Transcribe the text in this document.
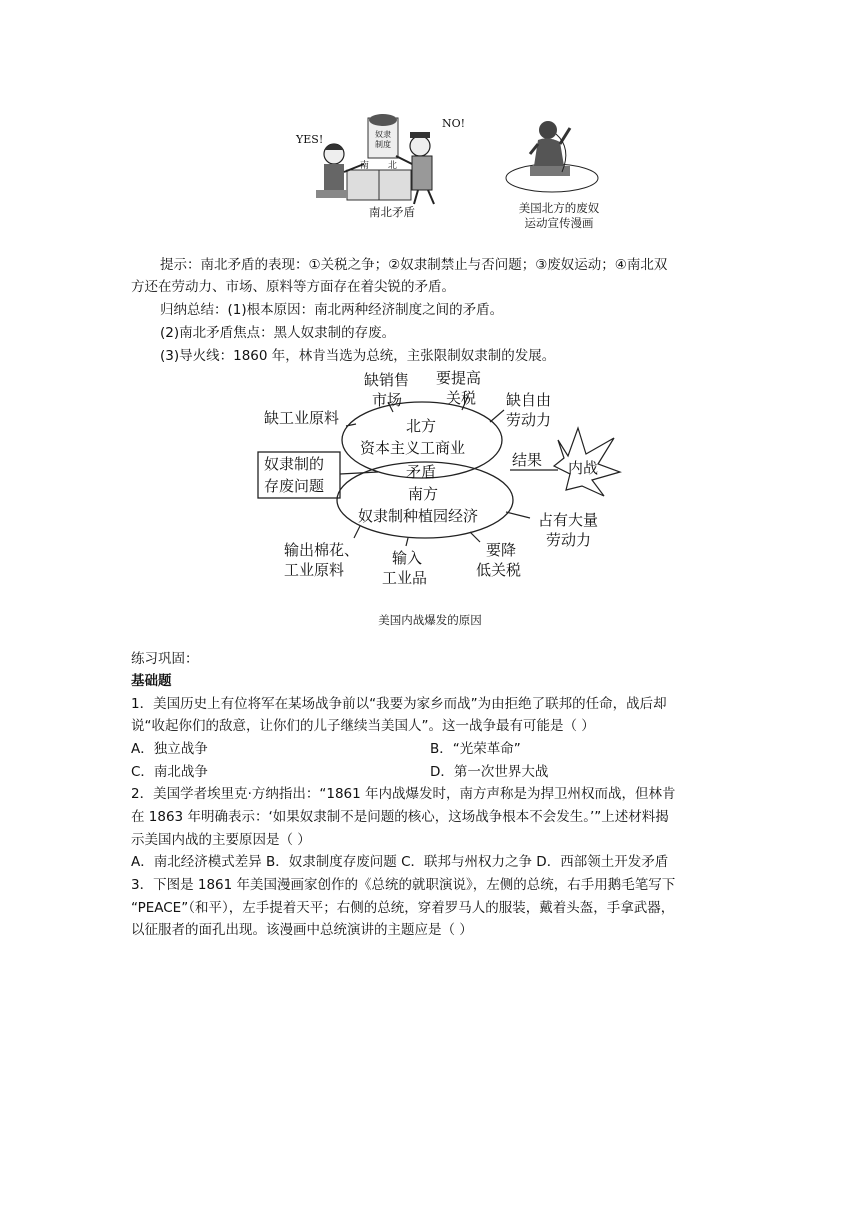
YES!
NO!
奴隶
制度
南 北
南北矛盾	美国北方的废奴
运动宣传漫画
提示：南北矛盾的表现：①关税之争；②奴隶制禁止与否问题；③废奴运动；④南北双
方还在劳动力、市场、原料等方面存在着尖锐的矛盾。
归纳总结：(1)根本原因：南北两种经济制度之间的矛盾。
(2)南北矛盾焦点：黑人奴隶制的存废。
(3)导火线：1860 年，林肯当选为总统，主张限制奴隶制的发展。
北方
资本主义工商业
矛盾
南方
奴隶制种植园经济
奴隶制的
存废问题
结果 内战
缺销售
市场
要提高
关税 缺自由
劳动力
缺工业原料
输出棉花、
工业原料
输入
工业品
要降
低关税
占有大量
劳动力
美国内战爆发的原因
练习巩固：
基础题
1．美国历史上有位将军在某场战争前以“我要为家乡而战”为由拒绝了联邦的任命，战后却
说“收起你们的敌意，让你们的儿子继续当美国人”。这一战争最有可能是（ ）
A．独立战争	B．“光荣革命”
C．南北战争	D．第一次世界大战
2．美国学者埃里克·方纳指出：“1861 年内战爆发时，南方声称是为捍卫州权而战，但林肯
在 1863 年明确表示：‘如果奴隶制不是问题的核心，这场战争根本不会发生。’”上述材料揭
示美国内战的主要原因是（ ）
A．南北经济模式差异 B．奴隶制度存废问题 C．联邦与州权力之争 D．西部领土开发矛盾
3．下图是 1861 年美国漫画家创作的《总统的就职演说》，左侧的总统，右手用鹅毛笔写下
“PEACE”（和平），左手提着天平；右侧的总统，穿着罗马人的服装，戴着头盔，手拿武器，
以征服者的面孔出现。该漫画中总统演讲的主题应是（ ）
